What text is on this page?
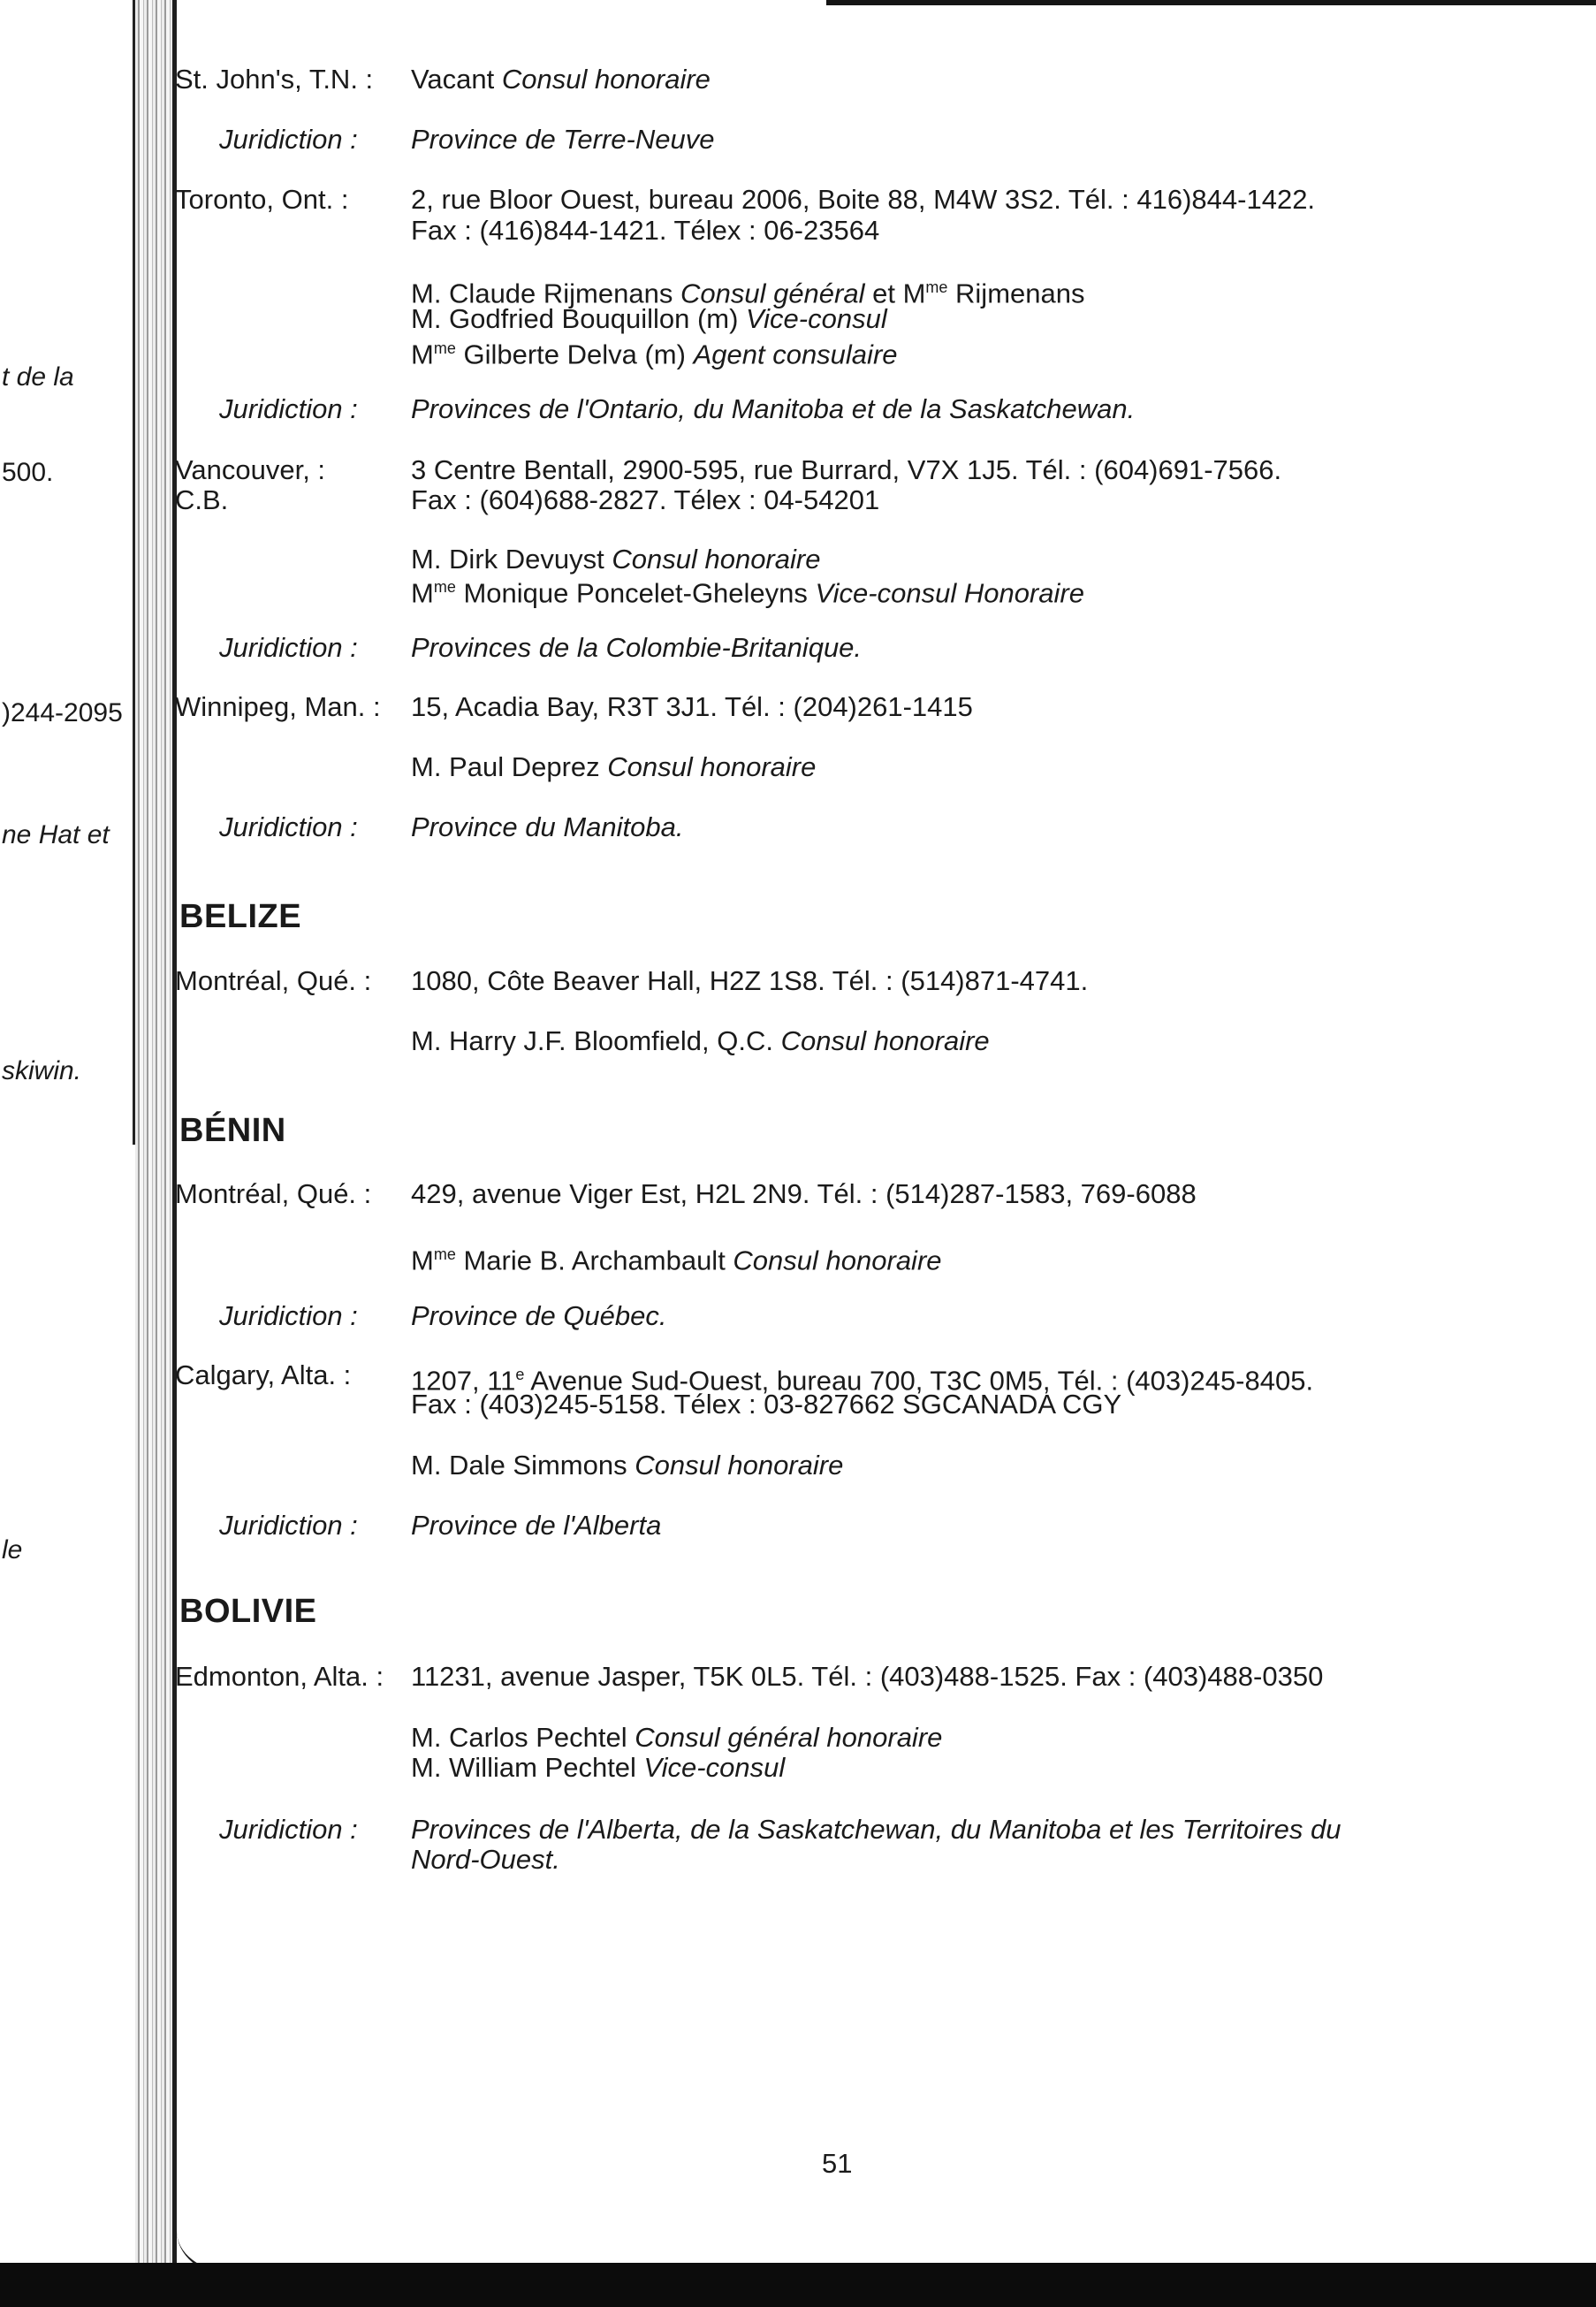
t de la
500.
)244-2095
ne Hat et
skiwin.
le
St. John's, T.N. : Vacant Consul honoraire
Juridiction : Province de Terre-Neuve
Toronto, Ont. : 2, rue Bloor Ouest, bureau 2006, Boite 88, M4W 3S2. Tél. : 416)844-1422.
Fax : (416)844-1421. Télex : 06-23564
M. Claude Rijmenans Consul général et $M^{me}$ Rijmenans
M. Godfried Bouquillon (m) Vice-consul
$M^{me}$ Gilberte Delva (m) Agent consulaire
Juridiction : Provinces de l'Ontario, du Manitoba et de la Saskatchewan.
Vancouver, :
C.B.
3 Centre Bentall, 2900-595, rue Burrard, V7X 1J5. Tél. : (604)691-7566.
Fax : (604)688-2827. Télex : 04-54201
M. Dirk Devuyst Consul honoraire
$M^{me}$ Monique Poncelet-Gheleyns Vice-consul Honoraire
Juridiction : Provinces de la Colombie-Britanique.
Winnipeg, Man. : 15, Acadia Bay, R3T 3J1. Tél. : (204)261-1415
M. Paul Deprez Consul honoraire
Juridiction : Province du Manitoba.
BELIZE
Montréal, Qué. : 1080, Côte Beaver Hall, H2Z 1S8. Tél. : (514)871-4741.
M. Harry J.F. Bloomfield, Q.C. Consul honoraire
BÉNIN
Montréal, Qué. : 429, avenue Viger Est, H2L 2N9. Tél. : (514)287-1583, 769-6088
$M^{me}$ Marie B. Archambault Consul honoraire
Juridiction : Province de Québec.
Calgary, Alta. : 1207, 11e Avenue Sud-Ouest, bureau 700, T3C 0M5, Tél. : (403)245-8405.
Fax : (403)245-5158. Télex : 03-827662 SGCANADA CGY
M. Dale Simmons Consul honoraire
Juridiction : Province de l'Alberta
BOLIVIE
Edmonton, Alta. : 11231, avenue Jasper, T5K 0L5. Tél. : (403)488-1525. Fax : (403)488-0350
M. Carlos Pechtel Consul général honoraire
M. William Pechtel Vice-consul
Juridiction : Provinces de l'Alberta, de la Saskatchewan, du Manitoba et les Territoires du
Nord-Ouest.
51
